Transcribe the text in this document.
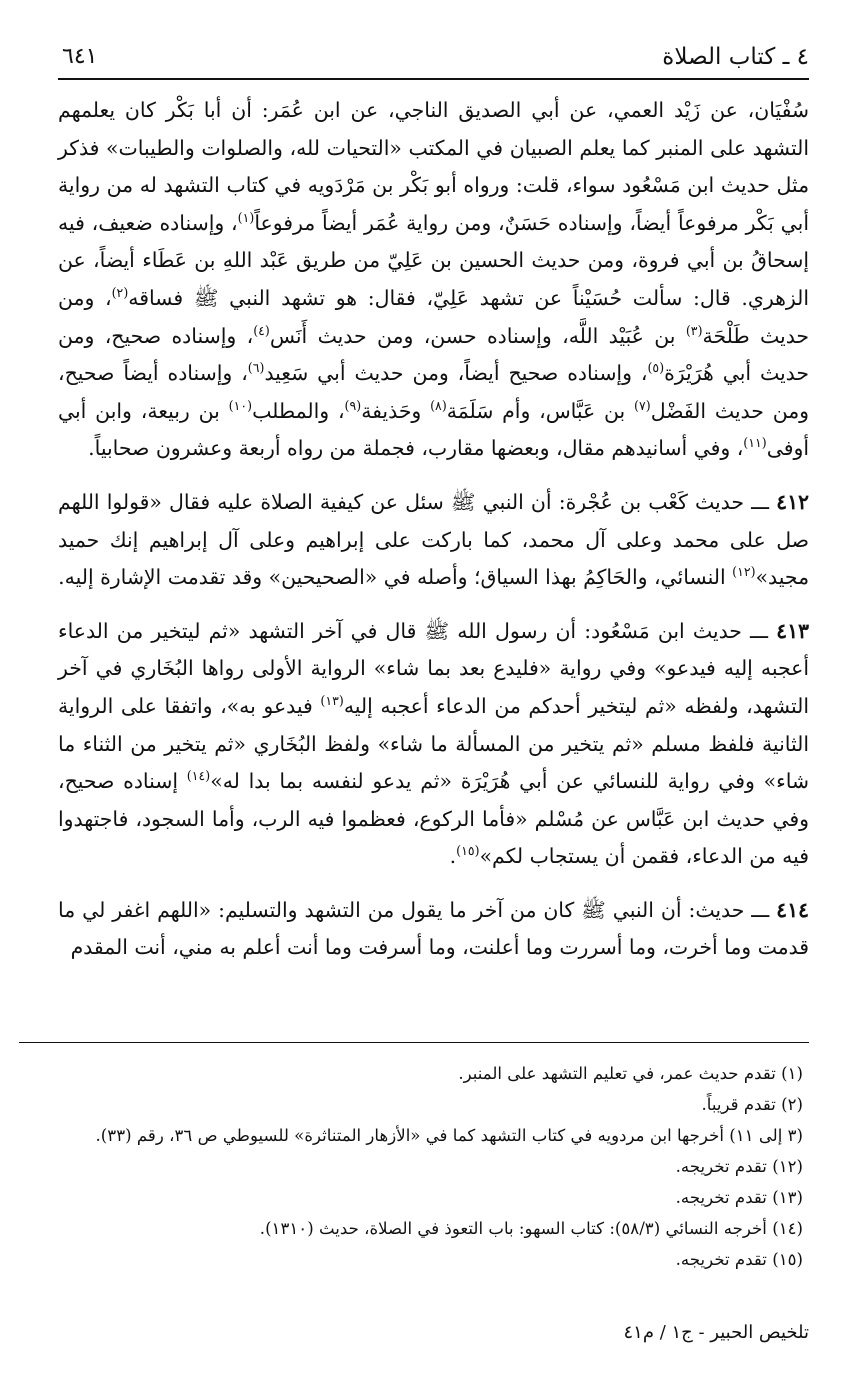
٤ ـ كتاب الصلاة
٦٤١

سُفْيَان، عن زَيْد العمي، عن أبي الصديق الناجي، عن ابن عُمَر: أن أبا بَكْر كان يعلمهم التشهد على المنبر كما يعلم الصبيان في المكتب «التحيات لله، والصلوات والطيبات» فذكر مثل حديث ابن مَسْعُود سواء، قلت: ورواه أبو بَكْر بن مَرْدَويه في كتاب التشهد له من رواية أبي بَكْر مرفوعاً أيضاً، وإسناده حَسَنٌ، ومن رواية عُمَر أيضاً مرفوعاً$^{(١)}$، وإسناده ضعيف، فيه إسحاقُ بن أبي فروة، ومن حديث الحسين بن عَلِيّ من طريق عَبْد اللهِ بن عَطَاء أيضاً، عن الزهري. قال: سألت حُسَيْناً عن تشهد عَلِيّ، فقال: هو تشهد النبي ﷺ فساقه$^{(٢)}$، ومن حديث طَلْحَة$^{(٣)}$ بن عُبَيْد اللَّه، وإسناده حسن، ومن حديث أَنَس$^{(٤)}$، وإسناده صحيح، ومن حديث أبي هُرَيْرَة$^{(٥)}$، وإسناده صحيح أيضاً، ومن حديث أبي سَعِيد$^{(٦)}$، وإسناده أيضاً صحيح، ومن حديث الفَضْل$^{(٧)}$ بن عَبَّاس، وأم سَلَمَة$^{(٨)}$ وحَذيفة$^{(٩)}$، والمطلب$^{(١٠)}$ بن ربيعة، وابن أبي أوفى$^{(١١)}$، وفي أسانيدهم مقال، وبعضها مقارب، فجملة من رواه أربعة وعشرون صحابياً.

٤١٢ ـــ حديث كَعْب بن عُجْرة: أن النبي ﷺ سئل عن كيفية الصلاة عليه فقال «قولوا اللهم صل على محمد وعلى آل محمد، كما باركت على إبراهيم وعلى آل إبراهيم إنك حميد مجيد»$^{(١٢)}$ النسائي، والحَاكِمُ بهذا السياق؛ وأصله في «الصحيحين» وقد تقدمت الإشارة إليه.

٤١٣ ـــ حديث ابن مَسْعُود: أن رسول الله ﷺ قال في آخر التشهد «ثم ليتخير من الدعاء أعجبه إليه فيدعو» وفي رواية «فليدع بعد بما شاء» الرواية الأولى رواها البُخَاري في آخر التشهد، ولفظه «ثم ليتخير أحدكم من الدعاء أعجبه إليه$^{(١٣)}$ فيدعو به»، واتفقا على الرواية الثانية فلفظ مسلم «ثم يتخير من المسألة ما شاء» ولفظ البُخَاري «ثم يتخير من الثناء ما شاء» وفي رواية للنسائي عن أبي هُرَيْرَة «ثم يدعو لنفسه بما بدا له»$^{(١٤)}$ إسناده صحيح، وفي حديث ابن عَبَّاس عن مُسْلم «فأما الركوع، فعظموا فيه الرب، وأما السجود، فاجتهدوا فيه من الدعاء، فقمن أن يستجاب لكم»$^{(١٥)}$.

٤١٤ ـــ حديث: أن النبي ﷺ كان من آخر ما يقول من التشهد والتسليم: «اللهم اغفر لي ما قدمت وما أخرت، وما أسررت وما أعلنت، وما أسرفت وما أنت أعلم به مني، أنت المقدم

(١) تقدم حديث عمر، في تعليم التشهد على المنبر.

(٢) تقدم قريباً.

(٣ إلى ١١) أخرجها ابن مردويه في كتاب التشهد كما في «الأزهار المتناثرة» للسيوطي ص ٣٦، رقم (٣٣).

(١٢) تقدم تخريجه.

(١٣) تقدم تخريجه.

(١٤) أخرجه النسائي (٥٨/٣): كتاب السهو: باب التعوذ في الصلاة، حديث (١٣١٠).

(١٥) تقدم تخريجه.

تلخيص الحبير - ج١ / م٤١
